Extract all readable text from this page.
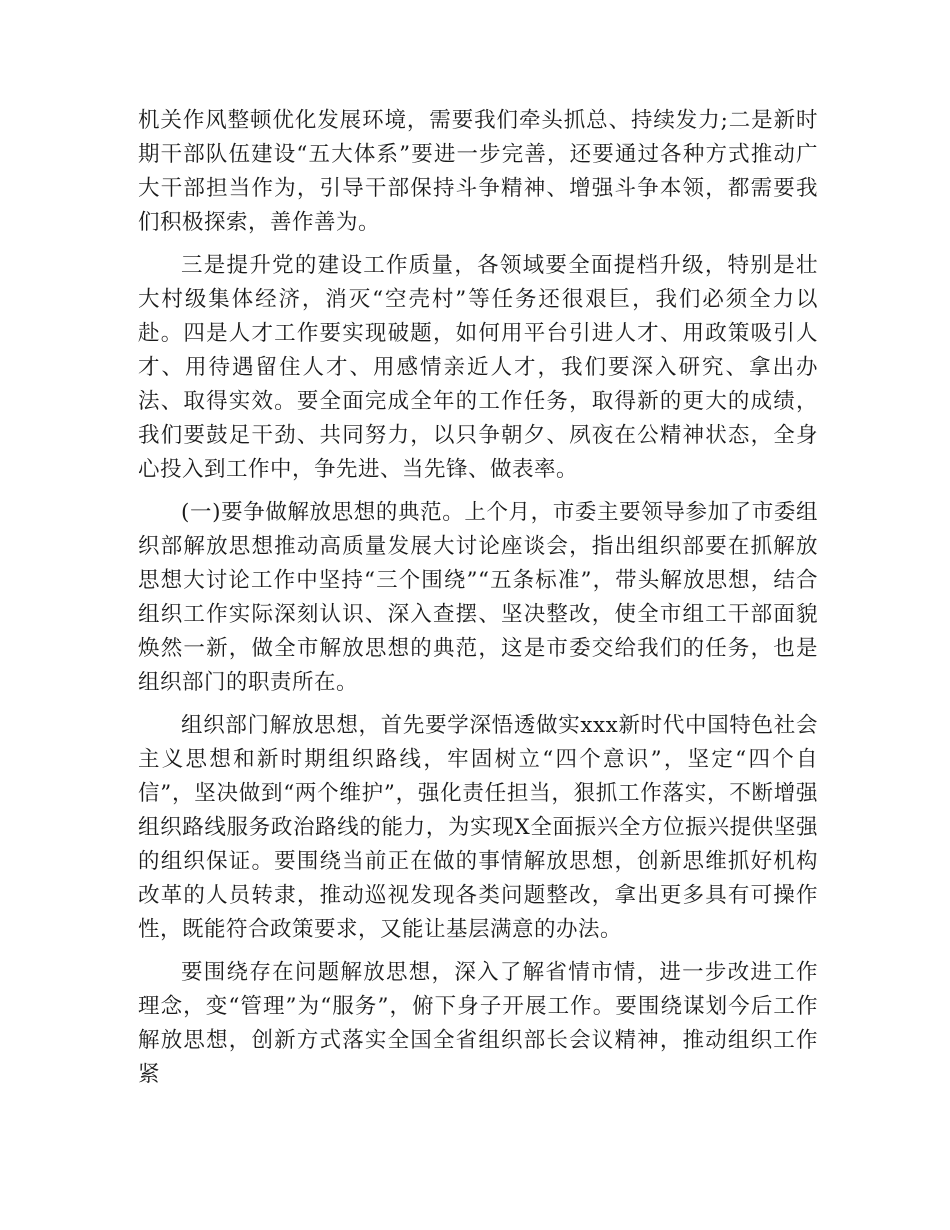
机关作风整顿优化发展环境，需要我们牵头抓总、持续发力;二是新时期干部队伍建设“五大体系”要进一步完善，还要通过各种方式推动广大干部担当作为，引导干部保持斗争精神、增强斗争本领，都需要我们积极探索，善作善为。

三是提升党的建设工作质量，各领域要全面提档升级，特别是壮大村级集体经济，消灭“空壳村”等任务还很艰巨，我们必须全力以赴。四是人才工作要实现破题，如何用平台引进人才、用政策吸引人才、用待遇留住人才、用感情亲近人才，我们要深入研究、拿出办法、取得实效。要全面完成全年的工作任务，取得新的更大的成绩，我们要鼓足干劲、共同努力，以只争朝夕、夙夜在公精神状态，全身心投入到工作中，争先进、当先锋、做表率。

(一)要争做解放思想的典范。上个月，市委主要领导参加了市委组织部解放思想推动高质量发展大讨论座谈会，指出组织部要在抓解放思想大讨论工作中坚持“三个围绕”“五条标准”，带头解放思想，结合组织工作实际深刻认识、深入查摆、坚决整改，使全市组工干部面貌焕然一新，做全市解放思想的典范，这是市委交给我们的任务，也是组织部门的职责所在。

组织部门解放思想，首先要学深悟透做实xxx新时代中国特色社会主义思想和新时期组织路线，牢固树立“四个意识”，坚定“四个自信”，坚决做到“两个维护”，强化责任担当，狠抓工作落实，不断增强组织路线服务政治路线的能力，为实现X全面振兴全方位振兴提供坚强的组织保证。要围绕当前正在做的事情解放思想，创新思维抓好机构改革的人员转隶，推动巡视发现各类问题整改，拿出更多具有可操作性，既能符合政策要求，又能让基层满意的办法。

要围绕存在问题解放思想，深入了解省情市情，进一步改进工作理念，变“管理”为“服务”，俯下身子开展工作。要围绕谋划今后工作解放思想，创新方式落实全国全省组织部长会议精神，推动组织工作紧
